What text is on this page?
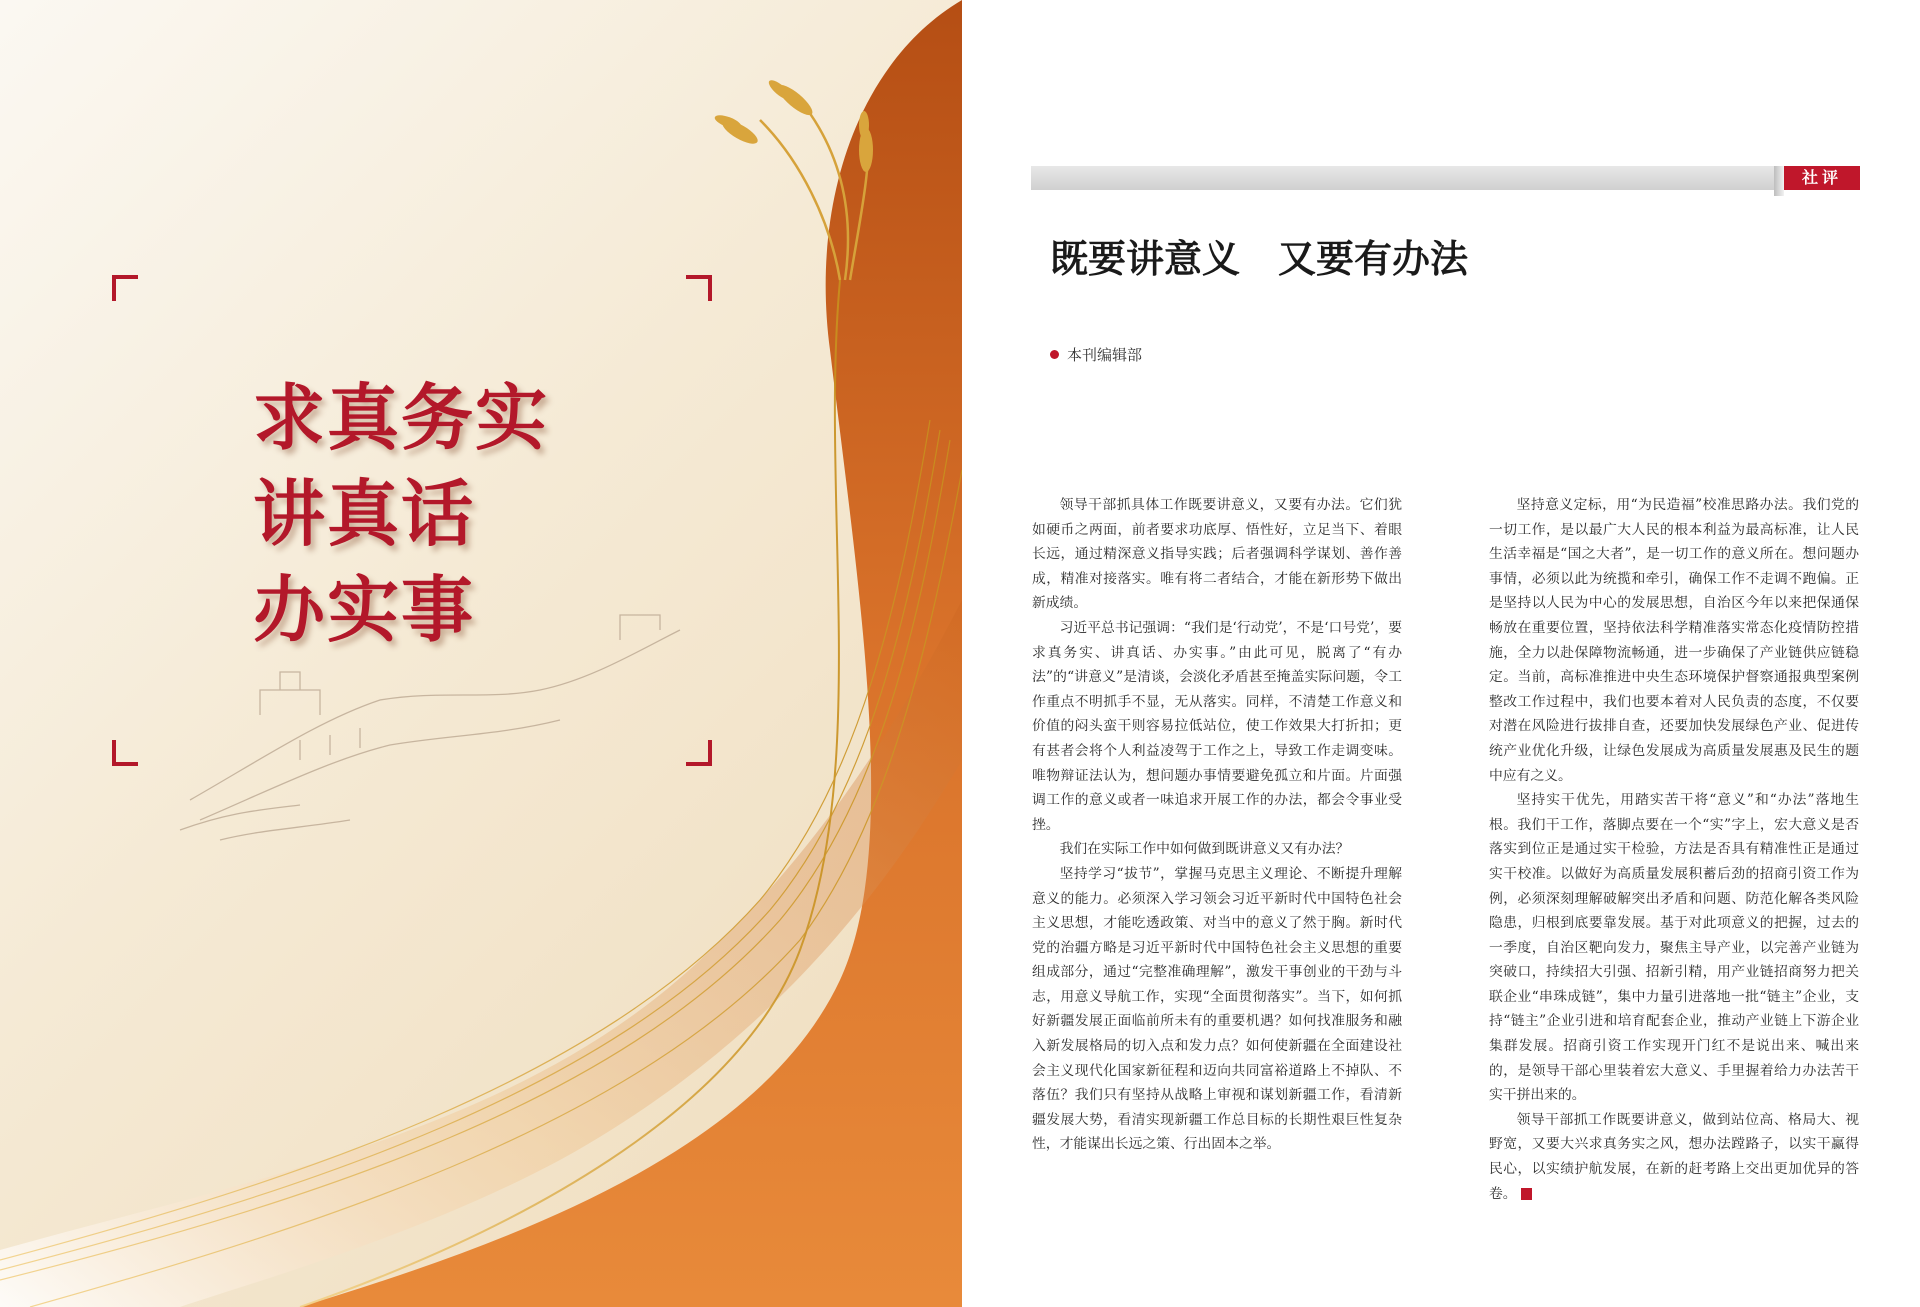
求真务实
讲真话
办实事
社评
既要讲意义　又要有办法
本刊编辑部

领导干部抓具体工作既要讲意义，又要有办法。它们犹如硬币之两面，前者要求功底厚、悟性好，立足当下、着眼长远，通过精深意义指导实践；后者强调科学谋划、善作善成，精准对接落实。唯有将二者结合，才能在新形势下做出新成绩。

习近平总书记强调：“我们是‘行动党’，不是‘口号党’，要求真务实、讲真话、办实事。”由此可见，脱离了“有办法”的“讲意义”是清谈，会淡化矛盾甚至掩盖实际问题，令工作重点不明抓手不显，无从落实。同样，不清楚工作意义和价值的闷头蛮干则容易拉低站位，使工作效果大打折扣；更有甚者会将个人利益凌驾于工作之上，导致工作走调变味。唯物辩证法认为，想问题办事情要避免孤立和片面。片面强调工作的意义或者一味追求开展工作的办法，都会令事业受挫。

我们在实际工作中如何做到既讲意义又有办法？

坚持学习“拔节”，掌握马克思主义理论、不断提升理解意义的能力。必须深入学习领会习近平新时代中国特色社会主义思想，才能吃透政策、对当中的意义了然于胸。新时代党的治疆方略是习近平新时代中国特色社会主义思想的重要组成部分，通过“完整准确理解”，激发干事创业的干劲与斗志，用意义导航工作，实现“全面贯彻落实”。当下，如何抓好新疆发展正面临前所未有的重要机遇？如何找准服务和融入新发展格局的切入点和发力点？如何使新疆在全面建设社会主义现代化国家新征程和迈向共同富裕道路上不掉队、不落伍？我们只有坚持从战略上审视和谋划新疆工作，看清新疆发展大势，看清实现新疆工作总目标的长期性艰巨性复杂性，才能谋出长远之策、行出固本之举。

坚持意义定标，用“为民造福”校准思路办法。我们党的一切工作，是以最广大人民的根本利益为最高标准，让人民生活幸福是“国之大者”，是一切工作的意义所在。想问题办事情，必须以此为统揽和牵引，确保工作不走调不跑偏。正是坚持以人民为中心的发展思想，自治区今年以来把保通保畅放在重要位置，坚持依法科学精准落实常态化疫情防控措施，全力以赴保障物流畅通，进一步确保了产业链供应链稳定。当前，高标准推进中央生态环境保护督察通报典型案例整改工作过程中，我们也要本着对人民负责的态度，不仅要对潜在风险进行拔排自查，还要加快发展绿色产业、促进传统产业优化升级，让绿色发展成为高质量发展惠及民生的题中应有之义。

坚持实干优先，用踏实苦干将“意义”和“办法”落地生根。我们干工作，落脚点要在一个“实”字上，宏大意义是否落实到位正是通过实干检验，方法是否具有精准性正是通过实干校准。以做好为高质量发展积蓄后劲的招商引资工作为例，必须深刻理解破解突出矛盾和问题、防范化解各类风险隐患，归根到底要靠发展。基于对此项意义的把握，过去的一季度，自治区靶向发力，聚焦主导产业，以完善产业链为突破口，持续招大引强、招新引精，用产业链招商努力把关联企业“串珠成链”，集中力量引进落地一批“链主”企业，支持“链主”企业引进和培育配套企业，推动产业链上下游企业集群发展。招商引资工作实现开门红不是说出来、喊出来的，是领导干部心里装着宏大意义、手里握着给力办法苦干实干拼出来的。

领导干部抓工作既要讲意义，做到站位高、格局大、视野宽，又要大兴求真务实之风，想办法蹚路子，以实干赢得民心，以实绩护航发展，在新的赶考路上交出更加优异的答卷。
